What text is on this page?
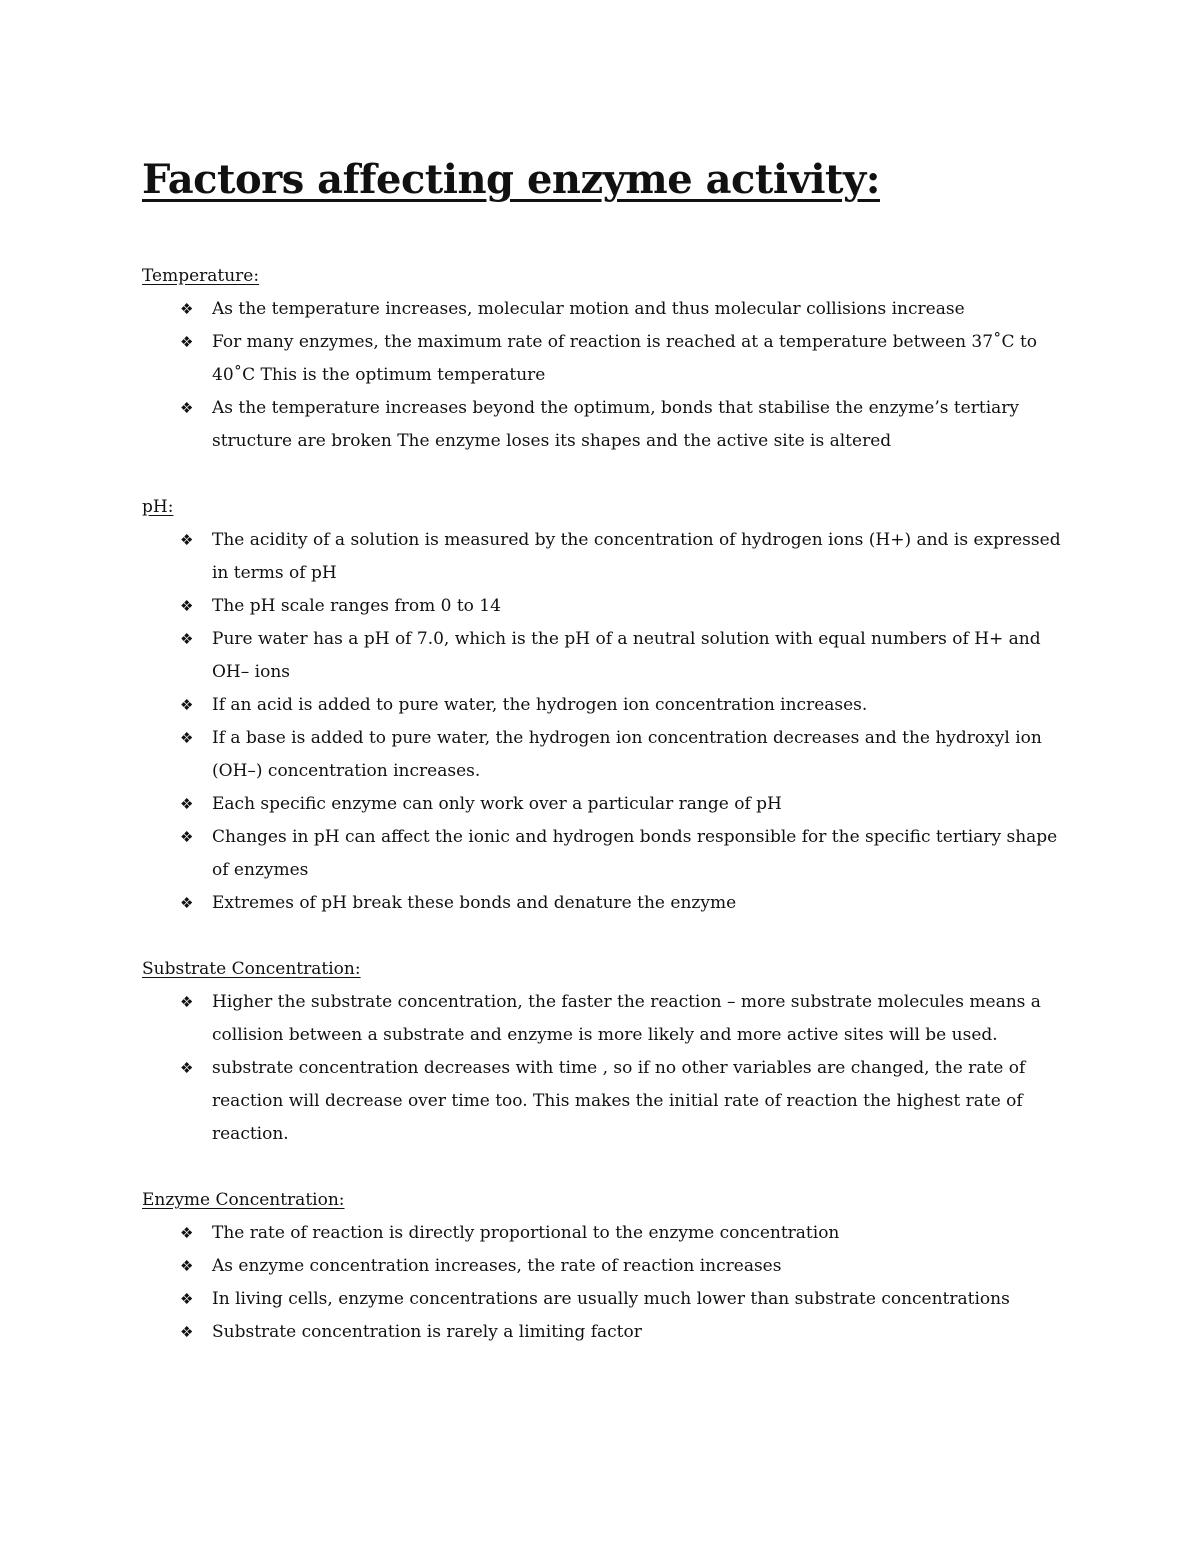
Factors affecting enzyme activity:

Temperature:

❖ As the temperature increases, molecular motion and thus molecular collisions increase
❖ For many enzymes, the maximum rate of reaction is reached at a temperature between 37˚C to 40˚C This is the optimum temperature
❖ As the temperature increases beyond the optimum, bonds that stabilise the enzyme’s tertiary structure are broken The enzyme loses its shapes and the active site is altered

pH:

❖ The acidity of a solution is measured by the concentration of hydrogen ions (H+) and is expressed in terms of pH
❖ The pH scale ranges from 0 to 14
❖ Pure water has a pH of 7.0, which is the pH of a neutral solution with equal numbers of H+ and OH– ions
❖ If an acid is added to pure water, the hydrogen ion concentration increases.
❖ If a base is added to pure water, the hydrogen ion concentration decreases and the hydroxyl ion (OH–) concentration increases.
❖ Each specific enzyme can only work over a particular range of pH
❖ Changes in pH can affect the ionic and hydrogen bonds responsible for the specific tertiary shape of enzymes
❖ Extremes of pH break these bonds and denature the enzyme

Substrate Concentration:

❖ Higher the substrate concentration, the faster the reaction – more substrate molecules means a collision between a substrate and enzyme is more likely and more active sites will be used.
❖ substrate concentration decreases with time , so if no other variables are changed, the rate of reaction will decrease over time too. This makes the initial rate of reaction the highest rate of reaction.

Enzyme Concentration:

❖ The rate of reaction is directly proportional to the enzyme concentration
❖ As enzyme concentration increases, the rate of reaction increases
❖ In living cells, enzyme concentrations are usually much lower than substrate concentrations
❖ Substrate concentration is rarely a limiting factor
